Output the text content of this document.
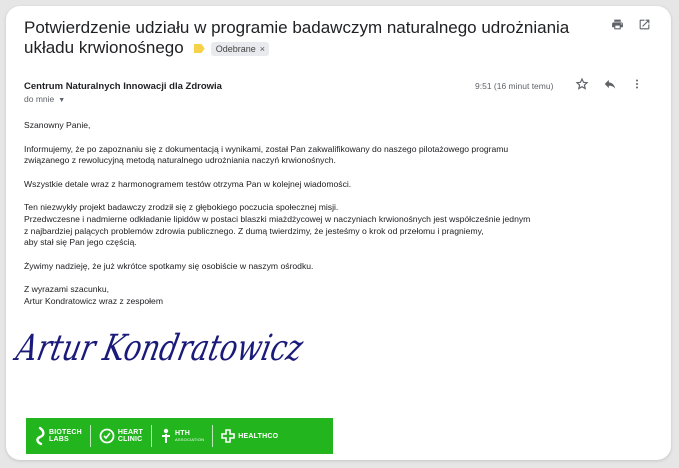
Potwierdzenie udziału w programie badawczym naturalnego udrożniania układu krwionośnego	Odebrane ×
Centrum Naturalnych Innowacji dla Zdrowia
do mnie ▼
9:51 (16 minut temu)

Szanowny Panie,

Informujemy, że po zapoznaniu się z dokumentacją i wynikami, został Pan zakwalifikowany do naszego pilotażowego programu

związanego z rewolucyjną metodą naturalnego udrożniania naczyń krwionośnych.

Wszystkie detale wraz z harmonogramem testów otrzyma Pan w kolejnej wiadomości.

Ten niezwykły projekt badawczy zrodził się z głębokiego poczucia społecznej misji.

Przedwczesne i nadmierne odkładanie lipidów w postaci blaszki miażdżycowej w naczyniach krwionośnych jest współcześnie jednym

z najbardziej palących problemów zdrowia publicznego. Z dumą twierdzimy, że jesteśmy o krok od przełomu i pragniemy,

aby stał się Pan jego częścią.

Żywimy nadzieję, że już wkrótce spotkamy się osobiście w naszym ośrodku.

Z wyrazami szacunku,

Artur Kondratowicz wraz z zespołem

Artur Kondratowicz
BIOTECH
LABS
HEART
CLINIC
HTH
ASSOCIATION	HEALTHCO
